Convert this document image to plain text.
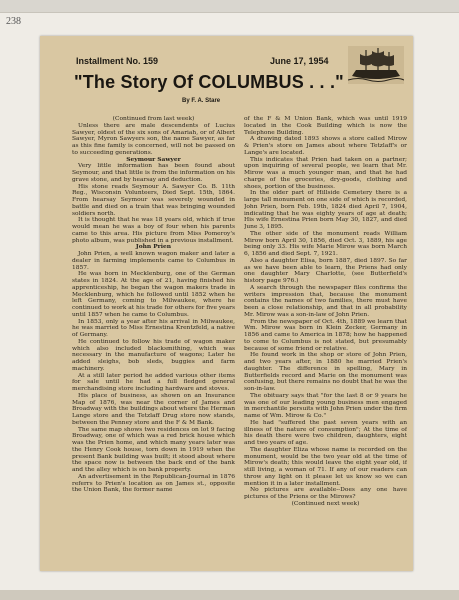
238
Installment No. 159	June 17, 1954
"The Story Of COLUMBUS . . ."
By F. A. Stare

(Continued from last week)

Unless there are male descendents of Lucius Sawyer, oldest of the six sons of Amariah, or of Albert Sawyer, Myron Sawyers son, the name Sawyer, as far as this fine family is concerned, will not be passed on to succeeding generations.

Seymour Sawyer

Very little information has been found about Seymour, and that little is from the information on his grave stone, and by hearsay and deduction.

His stone reads Seymour A. Sawyer Co. B. 11th Reg., Wisconsin Volunteers, Died Sept. 15th, 1864. From hearsay Seymour was severely wounded in battle and died on a train that was bringing wounded soldiers north.

It is thought that he was 18 years old, which if true would mean he was a boy of four when his parents came to this area. His picture from Miss Pomeroy's photo album, was published in a previous installment.

John Prien

John Prien, a well known wagon maker and later a dealer in farming implements came to Columbus in 1857.

He was born in Mecklenburg, one of the German states in 1824. At the age of 21, having finished his apprenticeship, he began the wagon makers trade in Mecklenburg, which he followed until 1852 when he left Germany, coming to Milwaukee, where he continued to work at his trade for others for five years until 1857 when he came to Columbus.

In 1853, only a year after his arrival in Milwaukee, he was married to Miss Ernestina Krentzfeld, a native of Germany.

He continued to follow his trade of wagon maker which also included blacksmithing, which was necessary in the manufacture of wagons; Later he added sleighs, bob sleds, buggies and farm machinery.

At a still later period he added various other items for sale until he had a full fledged general merchandising store including hardware and stoves.

His place of business, as shown on an Insurance Map of 1876, was near the corner of James and Broadway with the buildings about where the Herman Lange store and the Tetzlaff Drug store now stands, between the Penney store and the F & M Bank.

The same map shows two residences on lot 9 facing Broadway, one of which was a red brick house which was the Prien home, and which many years later was the Henry Cook house, torn down in 1919 when the present Bank building was built; it stood about where the space now is between the back end of the bank and the alley which is on bank property.

An advertisement in the Republican-Journal in 1876 referrs to Prien's location as on James st., opposite the Union Bank, the former name

of the F & M Union Bank, which was until 1919 located in the Cook Building which is now the Telephone Building.

A drawing dated 1893 shows a store called Mirow & Prien's store on James about where Tetzlaff's or Lange's are located.

This indicates that Prien had taken on a partner; upon inquiring of several people, we learn that Mr. Mirow was a much younger man, and that he had charge of the groceries, dry-goods, clothing and shoes, portion of the business.

In the older part of Hillside Cemetery there is a large tall monument on one side of which is recorded, John Prien, born Feb. 19th, 1824 died April 7, 1904, indicating that he was eighty years of age at death; His wife Ernestina Prien born May 30, 1827, and died June 3, 1895.

The other side of the monument reads William Mirow born April 30, 1856, died Oct. 3, 1889, his age being only 33. His wife Marie Mirow was born March 6, 1856 and died Sept. 7, 1921.

Also a daughter Elisa, born 1887, died 1897. So far as we have been able to learn, the Priens had only one daughter Mary Charlotte, (see Butterfield's history page 976.)

A search through the newspaper files confirms the writers impression that, because the monument contains the names of two families, there must have been a close relationship, and that in all probability Mr. Mirow was a son-in-law of John Prien.

From the newspaper of Oct. 4th, 1889 we learn that Wm. Mirow was born in Klein Zecker, Germany in 1856 and came to America in 1878; how he happened to come to Columbus is not stated, but presumably because of some friend or relative.

He found work in the shop or store of John Prien, and two years after, in 1880 he married Prien's daughter. The difference in spelling, Mary in Butterfields record and Marie on the monument was confusing, but there remains no doubt that he was the son-in-law.

The obituary says that "for the last 8 or 9 years he was one of our leading young business men engaged in merchantile persuits with John Prien under the firm name of Wm. Mirow & Co."

He had "suffered the past seven years with an illness of the nature of consumption"; At the time of his death there were two children, daughters, eight and two years of age.

The daughter Eliza whose name is recorded on the monument, would be the two year old at the time of Mirow's death; this would leave the eight year old, if still living, a woman of 71. If any of our readers can throw any light on it please let us know so we can mention it in a later installment.

No pictures are available--Does any one have pictures of the Priens or the Mirows?

(Continued next week)
